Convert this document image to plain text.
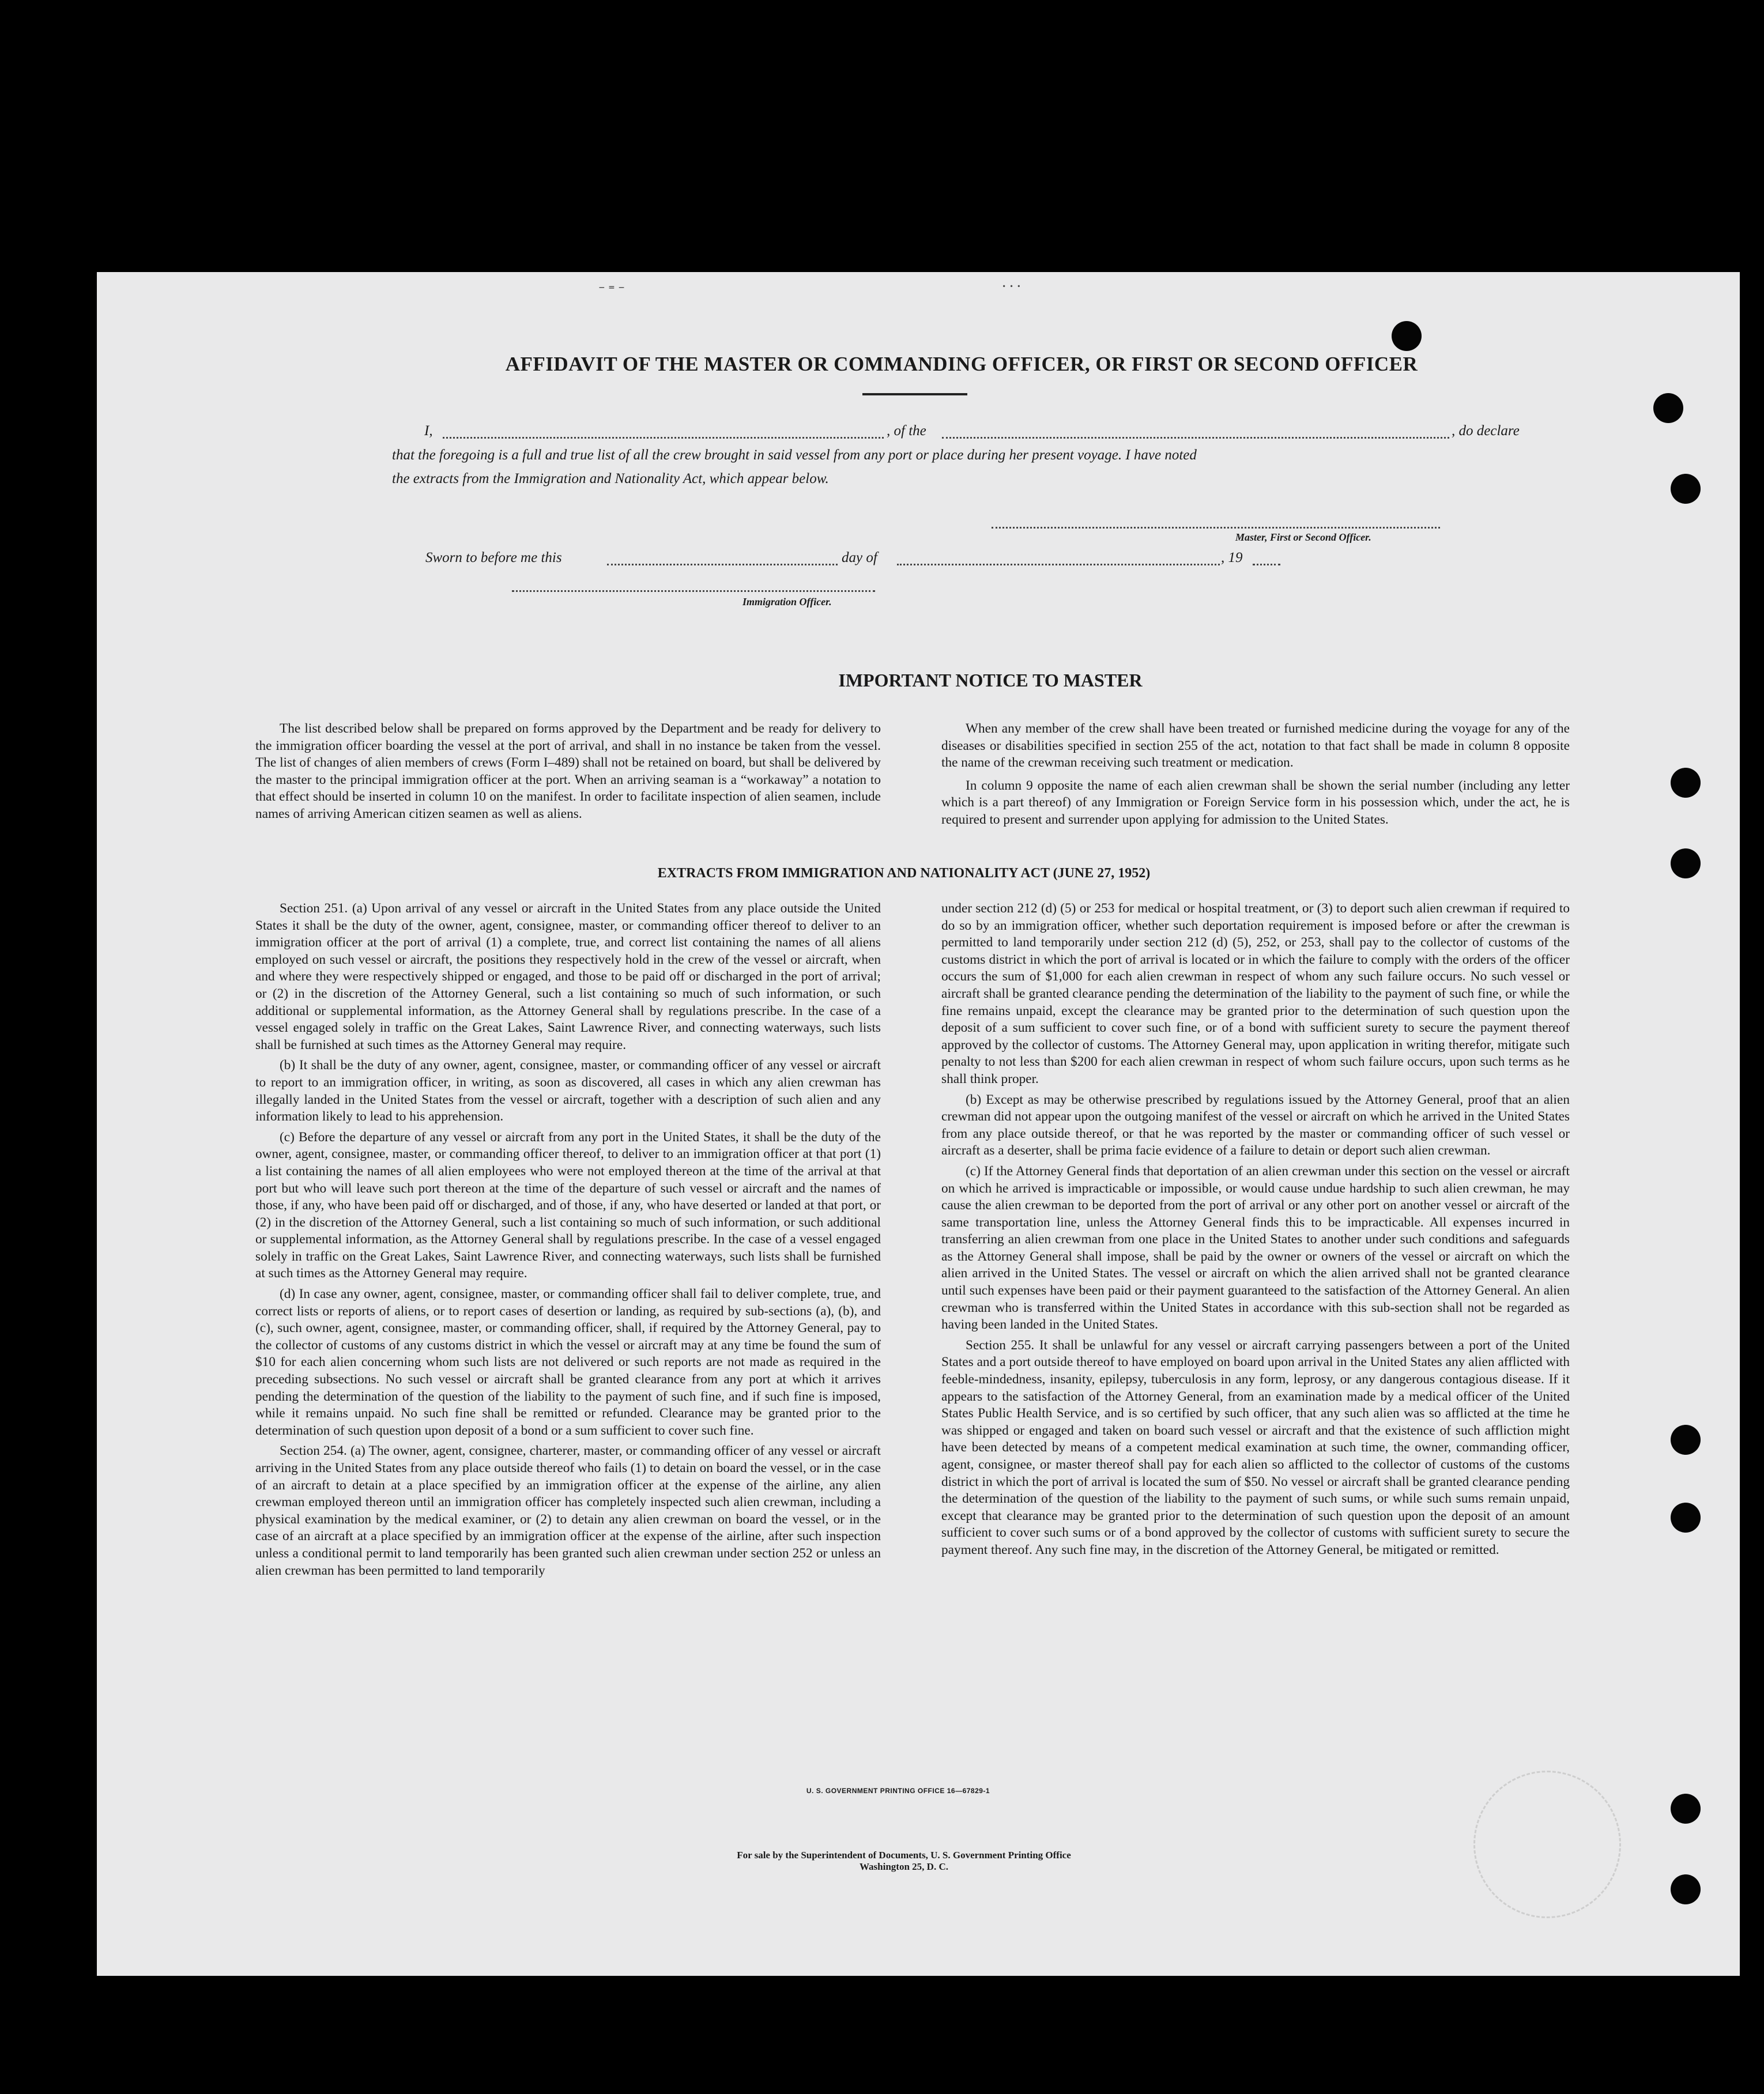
⁻ ⁼ ⁻	˙ ˙ ˙
AFFIDAVIT OF THE MASTER OR COMMANDING OFFICER, OR FIRST OR SECOND OFFICER
I,	, of the	, do declare
that the foregoing is a full and true list of all the crew brought in said vessel from any port or place during her present voyage. I have noted
the extracts from the Immigration and Nationality Act, which appear below.
Master, First or Second Officer.
Sworn to before me this	day of	, 19
Immigration Officer.
IMPORTANT NOTICE TO MASTER

The list described below shall be prepared on forms approved by the Department and be ready for delivery to the immigration officer boarding the vessel at the port of arrival, and shall in no instance be taken from the vessel. The list of changes of alien members of crews (Form I–489) shall not be retained on board, but shall be delivered by the master to the principal immigration officer at the port. When an arriving seaman is a “workaway” a notation to that effect should be inserted in column 10 on the manifest. In order to facilitate inspection of alien seamen, include names of arriving American citizen seamen as well as aliens.

When any member of the crew shall have been treated or furnished medicine during the voyage for any of the diseases or disabilities specified in section 255 of the act, notation to that fact shall be made in column 8 opposite the name of the crewman receiving such treatment or medication.

In column 9 opposite the name of each alien crewman shall be shown the serial number (including any letter which is a part thereof) of any Immigration or Foreign Service form in his possession which, under the act, he is required to present and surrender upon applying for admission to the United States.

EXTRACTS FROM IMMIGRATION AND NATIONALITY ACT (JUNE 27, 1952)

Section 251. (a) Upon arrival of any vessel or aircraft in the United States from any place outside the United States it shall be the duty of the owner, agent, consignee, master, or commanding officer thereof to deliver to an immigration officer at the port of arrival (1) a complete, true, and correct list containing the names of all aliens employed on such vessel or aircraft, the positions they respectively hold in the crew of the vessel or aircraft, when and where they were respectively shipped or engaged, and those to be paid off or discharged in the port of arrival; or (2) in the discretion of the Attorney General, such a list containing so much of such information, or such additional or supplemental information, as the Attorney General shall by regulations prescribe. In the case of a vessel engaged solely in traffic on the Great Lakes, Saint Lawrence River, and connecting waterways, such lists shall be furnished at such times as the Attorney General may require.

(b) It shall be the duty of any owner, agent, consignee, master, or commanding officer of any vessel or aircraft to report to an immigration officer, in writing, as soon as discovered, all cases in which any alien crewman has illegally landed in the United States from the vessel or aircraft, together with a description of such alien and any information likely to lead to his apprehension.

(c) Before the departure of any vessel or aircraft from any port in the United States, it shall be the duty of the owner, agent, consignee, master, or commanding officer thereof, to deliver to an immigration officer at that port (1) a list containing the names of all alien employees who were not employed thereon at the time of the arrival at that port but who will leave such port thereon at the time of the departure of such vessel or aircraft and the names of those, if any, who have been paid off or discharged, and of those, if any, who have deserted or landed at that port, or (2) in the discretion of the Attorney General, such a list containing so much of such information, or such additional or supplemental information, as the Attorney General shall by regulations prescribe. In the case of a vessel engaged solely in traffic on the Great Lakes, Saint Lawrence River, and connecting waterways, such lists shall be furnished at such times as the Attorney General may require.

(d) In case any owner, agent, consignee, master, or commanding officer shall fail to deliver complete, true, and correct lists or reports of aliens, or to report cases of desertion or landing, as required by sub-sections (a), (b), and (c), such owner, agent, consignee, master, or commanding officer, shall, if required by the Attorney General, pay to the collector of customs of any customs district in which the vessel or aircraft may at any time be found the sum of $10 for each alien concerning whom such lists are not delivered or such reports are not made as required in the preceding subsections. No such vessel or aircraft shall be granted clearance from any port at which it arrives pending the determination of the question of the liability to the payment of such fine, and if such fine is imposed, while it remains unpaid. No such fine shall be remitted or refunded. Clearance may be granted prior to the determination of such question upon deposit of a bond or a sum sufficient to cover such fine.

Section 254. (a) The owner, agent, consignee, charterer, master, or commanding officer of any vessel or aircraft arriving in the United States from any place outside thereof who fails (1) to detain on board the vessel, or in the case of an aircraft to detain at a place specified by an immigration officer at the expense of the airline, any alien crewman employed thereon until an immigration officer has completely inspected such alien crewman, including a physical examination by the medical examiner, or (2) to detain any alien crewman on board the vessel, or in the case of an aircraft at a place specified by an immigration officer at the expense of the airline, after such inspection unless a conditional permit to land temporarily has been granted such alien crewman under section 252 or unless an alien crewman has been permitted to land temporarily

under section 212 (d) (5) or 253 for medical or hospital treatment, or (3) to deport such alien crewman if required to do so by an immigration officer, whether such deportation requirement is imposed before or after the crewman is permitted to land temporarily under section 212 (d) (5), 252, or 253, shall pay to the collector of customs of the customs district in which the port of arrival is located or in which the failure to comply with the orders of the officer occurs the sum of $1,000 for each alien crewman in respect of whom any such failure occurs. No such vessel or aircraft shall be granted clearance pending the determination of the liability to the payment of such fine, or while the fine remains unpaid, except the clearance may be granted prior to the determination of such question upon the deposit of a sum sufficient to cover such fine, or of a bond with sufficient surety to secure the payment thereof approved by the collector of customs. The Attorney General may, upon application in writing therefor, mitigate such penalty to not less than $200 for each alien crewman in respect of whom such failure occurs, upon such terms as he shall think proper.

(b) Except as may be otherwise prescribed by regulations issued by the Attorney General, proof that an alien crewman did not appear upon the outgoing manifest of the vessel or aircraft on which he arrived in the United States from any place outside thereof, or that he was reported by the master or commanding officer of such vessel or aircraft as a deserter, shall be prima facie evidence of a failure to detain or deport such alien crewman.

(c) If the Attorney General finds that deportation of an alien crewman under this section on the vessel or aircraft on which he arrived is impracticable or impossible, or would cause undue hardship to such alien crewman, he may cause the alien crewman to be deported from the port of arrival or any other port on another vessel or aircraft of the same transportation line, unless the Attorney General finds this to be impracticable. All expenses incurred in transferring an alien crewman from one place in the United States to another under such conditions and safeguards as the Attorney General shall impose, shall be paid by the owner or owners of the vessel or aircraft on which the alien arrived in the United States. The vessel or aircraft on which the alien arrived shall not be granted clearance until such expenses have been paid or their payment guaranteed to the satisfaction of the Attorney General. An alien crewman who is transferred within the United States in accordance with this sub-section shall not be regarded as having been landed in the United States.

Section 255. It shall be unlawful for any vessel or aircraft carrying passengers between a port of the United States and a port outside thereof to have employed on board upon arrival in the United States any alien afflicted with feeble-mindedness, insanity, epilepsy, tuberculosis in any form, leprosy, or any dangerous contagious disease. If it appears to the satisfaction of the Attorney General, from an examination made by a medical officer of the United States Public Health Service, and is so certified by such officer, that any such alien was so afflicted at the time he was shipped or engaged and taken on board such vessel or aircraft and that the existence of such affliction might have been detected by means of a competent medical examination at such time, the owner, commanding officer, agent, consignee, or master thereof shall pay for each alien so afflicted to the collector of customs of the customs district in which the port of arrival is located the sum of $50. No vessel or aircraft shall be granted clearance pending the determination of the question of the liability to the payment of such sums, or while such sums remain unpaid, except that clearance may be granted prior to the determination of such question upon the deposit of an amount sufficient to cover such sums or of a bond approved by the collector of customs with sufficient surety to secure the payment thereof. Any such fine may, in the discretion of the Attorney General, be mitigated or remitted.

U. S. GOVERNMENT PRINTING OFFICE 16—67829-1
For sale by the Superintendent of Documents, U. S. Government Printing Office
Washington 25, D. C.
